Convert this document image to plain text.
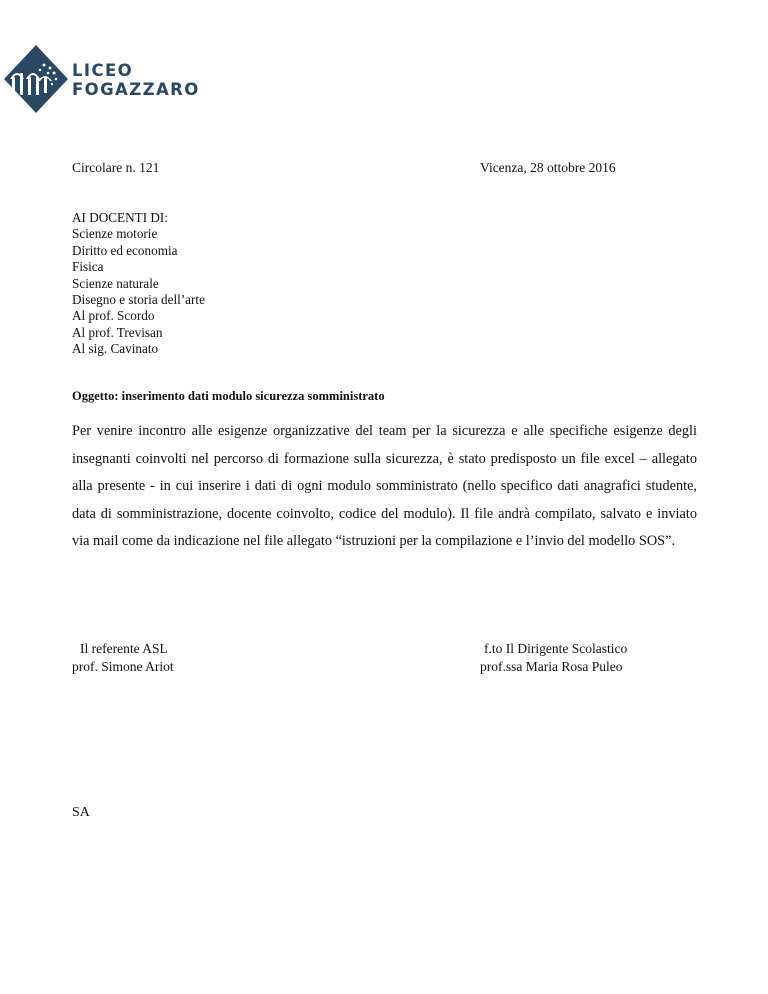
LICEO
FOGAZZARO
Circolare n. 121	Vicenza, 28 ottobre 2016
AI DOCENTI DI:
Scienze motorie
Diritto ed economia
Fisica
Scienze naturale
Disegno e storia dell’arte
Al prof. Scordo
Al prof. Trevisan
Al sig. Cavinato
Oggetto: inserimento dati modulo sicurezza somministrato
Per venire incontro alle esigenze organizzative del team per la sicurezza e alle specifiche esigenze degli insegnanti coinvolti nel percorso di formazione sulla sicurezza, è stato predisposto un file excel – allegato alla presente - in cui inserire i dati di ogni modulo somministrato (nello specifico dati anagrafici studente, data di somministrazione, docente coinvolto, codice del modulo). Il file andrà compilato, salvato e inviato via mail come da indicazione nel file allegato “istruzioni per la compilazione e l’invio del modello SOS”.
Il referente ASL
prof. Simone Ariot
f.to Il Dirigente Scolastico
prof.ssa Maria Rosa Puleo
SA
